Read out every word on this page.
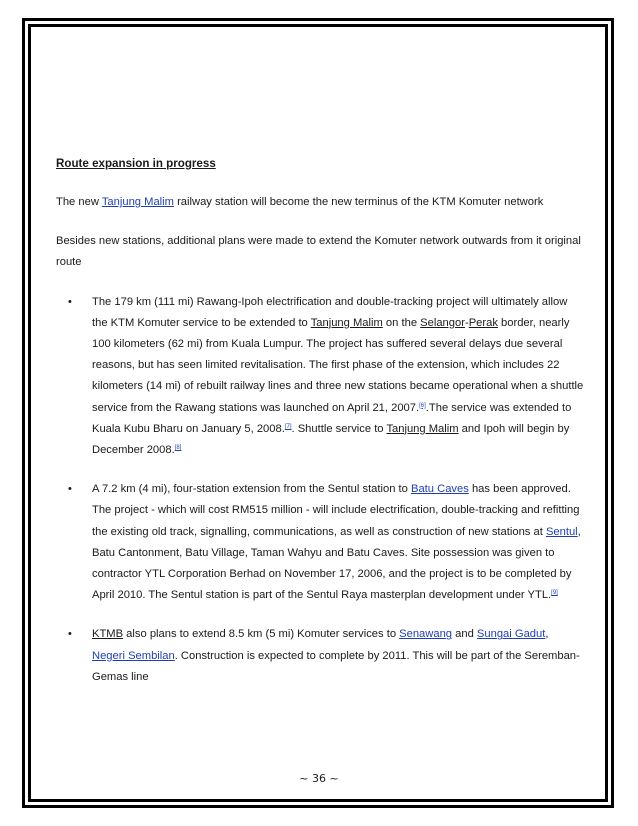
Route expansion in progress

The new Tanjung Malim railway station will become the new terminus of the KTM Komuter network

Besides new stations, additional plans were made to extend the Komuter network outwards from it original route

• The 179 km (111 mi) Rawang-Ipoh electrification and double-tracking project will ultimately allow the KTM Komuter service to be extended to Tanjung Malim on the Selangor-Perak border, nearly 100 kilometers (62 mi) from Kuala Lumpur. The project has suffered several delays due several reasons, but has seen limited revitalisation. The first phase of the extension, which includes 22 kilometers (14 mi) of rebuilt railway lines and three new stations became operational when a shuttle service from the Rawang stations was launched on April 21, 2007.[6].The service was extended to Kuala Kubu Bharu on January 5, 2008.[7]. Shuttle service to Tanjung Malim and Ipoh will begin by December 2008.[8]
• A 7.2 km (4 mi), four-station extension from the Sentul station to Batu Caves has been approved. The project - which will cost RM515 million - will include electrification, double-tracking and refitting the existing old track, signalling, communications, as well as construction of new stations at Sentul, Batu Cantonment, Batu Village, Taman Wahyu and Batu Caves. Site possession was given to contractor YTL Corporation Berhad on November 17, 2006, and the project is to be completed by April 2010. The Sentul station is part of the Sentul Raya masterplan development under YTL.[9]
• KTMB also plans to extend 8.5 km (5 mi) Komuter services to Senawang and Sungai Gadut, Negeri Sembilan. Construction is expected to complete by 2011. This will be part of the Seremban-Gemas line
~ 36 ~
